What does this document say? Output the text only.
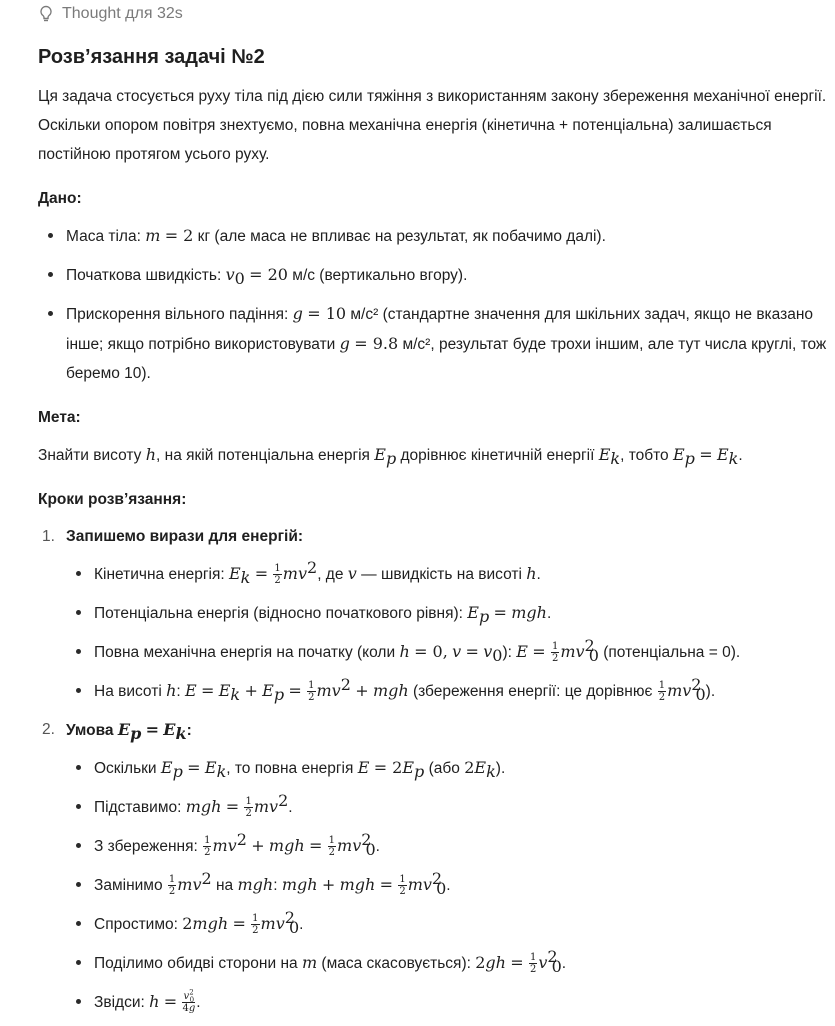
Thought для 32s
Розв’язання задачі №2

Ця задача стосується руху тіла під дією сили тяжіння з використанням закону збереження механічної енергії. Оскільки опором повітря знехтуємо, повна механічна енергія (кінетична + потенціальна) залишається постійною протягом усього руху.

Дано:
Маса тіла: m = 2 кг (але маса не впливає на результат, як побачимо далі).
Початкова швидкість: $v_0 = 20$ м/с (вертикально вгору).
Прискорення вільного падіння: g = 10 м/с² (стандартне значення для шкільних задач, якщо не вказано інше; якщо потрібно використовувати g = 9.8 м/с², результат буде трохи іншим, але тут числа круглі, тож беремо 10).
Мета:

Знайти висоту h, на якій потенціальна енергія $E_p$ дорівнює кінетичній енергії $E_k$, тобто $E_p = E_k$.

Кроки розв’язання:
1. Запишемо вирази для енергій:
Кінетична енергія: $E_k = \frac{1}{2} mv^2$, де v — швидкість на висоті h.
Потенціальна енергія (відносно початкового рівня): $E_p$ = mgh.
Повна механічна енергія на початку (коли h = 0, $v = v_0$): $E = \frac{1}{2} mv^2_0$ (потенціальна = 0).
На висоті h: $E = E_k + E_p = \frac{1}{2} mv^2$ + mgh (збереження енергії: це дорівнює $\frac{1}{2} mv^2_0$).
2. Умова $E_p = E_k$:
Оскільки $E_p = E_k$, то повна енергія $E = 2E_p$ (або $2E_k$).
Підставимо: mgh = $\frac{1}{2} mv^2$.
З збереження: $\frac{1}{2} mv^2$ + mgh = $\frac{1}{2} mv^2_0$.
Замінимо $\frac{1}{2} mv^2$ на mgh: mgh + mgh = $\frac{1}{2} mv^2_0$.
Спростимо: $2mgh = \frac{1}{2} mv^2_0$.
Поділимо обидві сторони на m (маса скасовується): $2gh = \frac{1}{2} v^2_0$.
Звідси: $h = \frac{v^2_0}{4g}$ .
